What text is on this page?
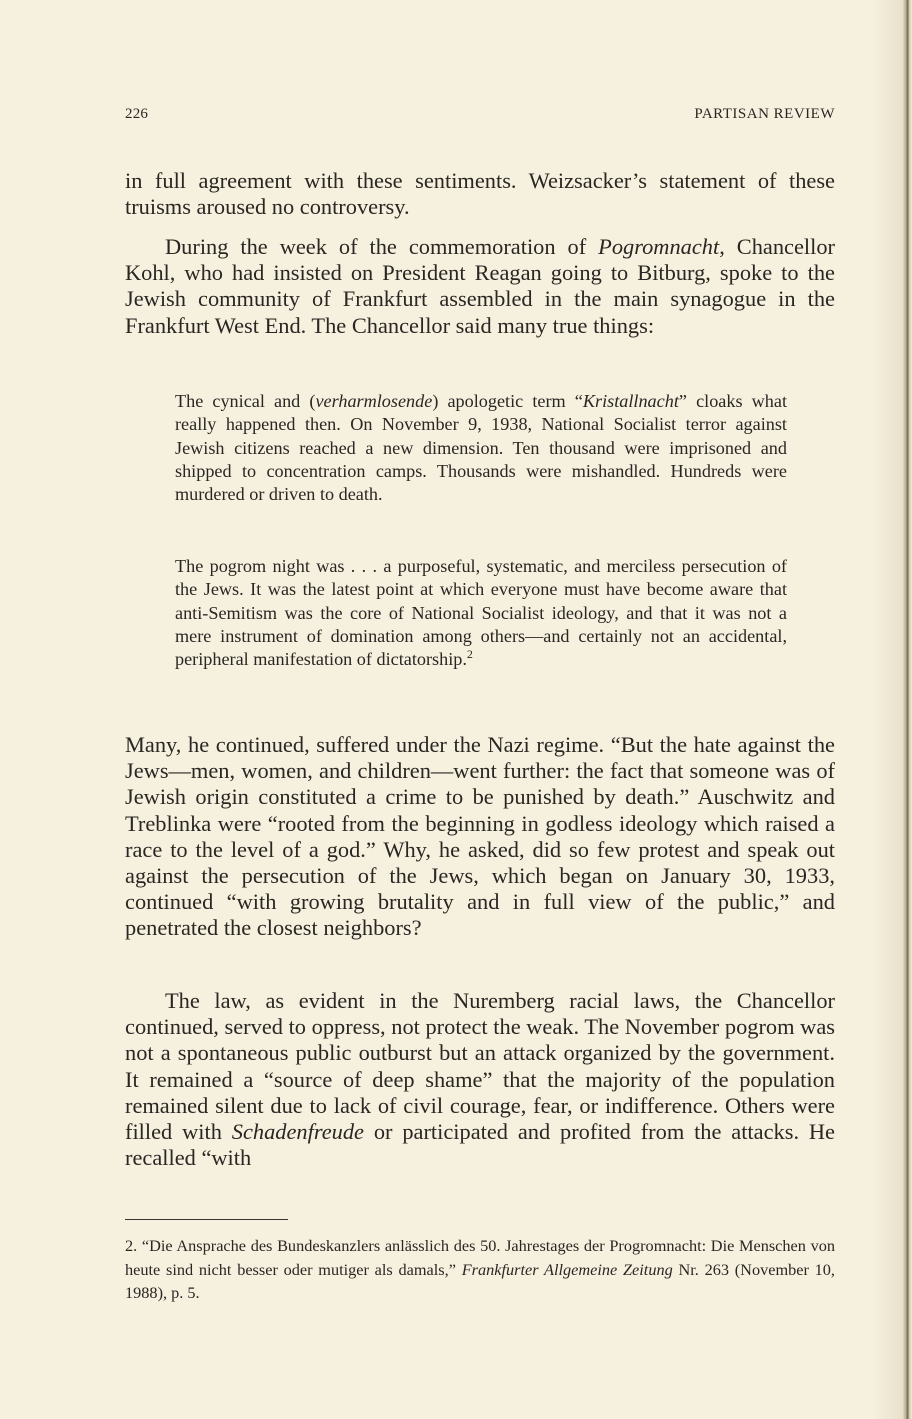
226	PARTISAN REVIEW

in full agreement with these sentiments. Weizsacker’s statement of these truisms aroused no controversy.

During the week of the commemoration of Pogromnacht, Chancellor Kohl, who had insisted on President Reagan going to Bitburg, spoke to the Jewish community of Frankfurt assembled in the main synagogue in the Frankfurt West End. The Chancellor said many true things:

The cynical and (verharmlosende) apologetic term “Kristallnacht” cloaks what really happened then. On November 9, 1938, National Socialist terror against Jewish citizens reached a new dimension. Ten thousand were imprisoned and shipped to concentration camps. Thousands were mishandled. Hundreds were murdered or driven to death.

The pogrom night was . . . a purposeful, systematic, and merciless persecution of the Jews. It was the latest point at which everyone must have become aware that anti-Semitism was the core of National Socialist ideology, and that it was not a mere instrument of domination among others—and certainly not an accidental, peripheral manifestation of dictatorship.$^2$

Many, he continued, suffered under the Nazi regime. “But the hate against the Jews—men, women, and children—went further: the fact that someone was of Jewish origin constituted a crime to be punished by death.” Auschwitz and Treblinka were “rooted from the beginning in godless ideology which raised a race to the level of a god.” Why, he asked, did so few protest and speak out against the persecution of the Jews, which began on January 30, 1933, continued “with growing brutality and in full view of the public,” and penetrated the closest neighbors?

The law, as evident in the Nuremberg racial laws, the Chancellor continued, served to oppress, not protect the weak. The November pogrom was not a spontaneous public outburst but an attack organized by the government. It remained a “source of deep shame” that the majority of the population remained silent due to lack of civil courage, fear, or indifference. Others were filled with Schadenfreude or participated and profited from the attacks. He recalled “with

2. “Die Ansprache des Bundeskanzlers anlässlich des 50. Jahrestages der Progromnacht: Die Menschen von heute sind nicht besser oder mutiger als damals,” Frankfurter Allgemeine Zeitung Nr. 263 (November 10, 1988), p. 5.
